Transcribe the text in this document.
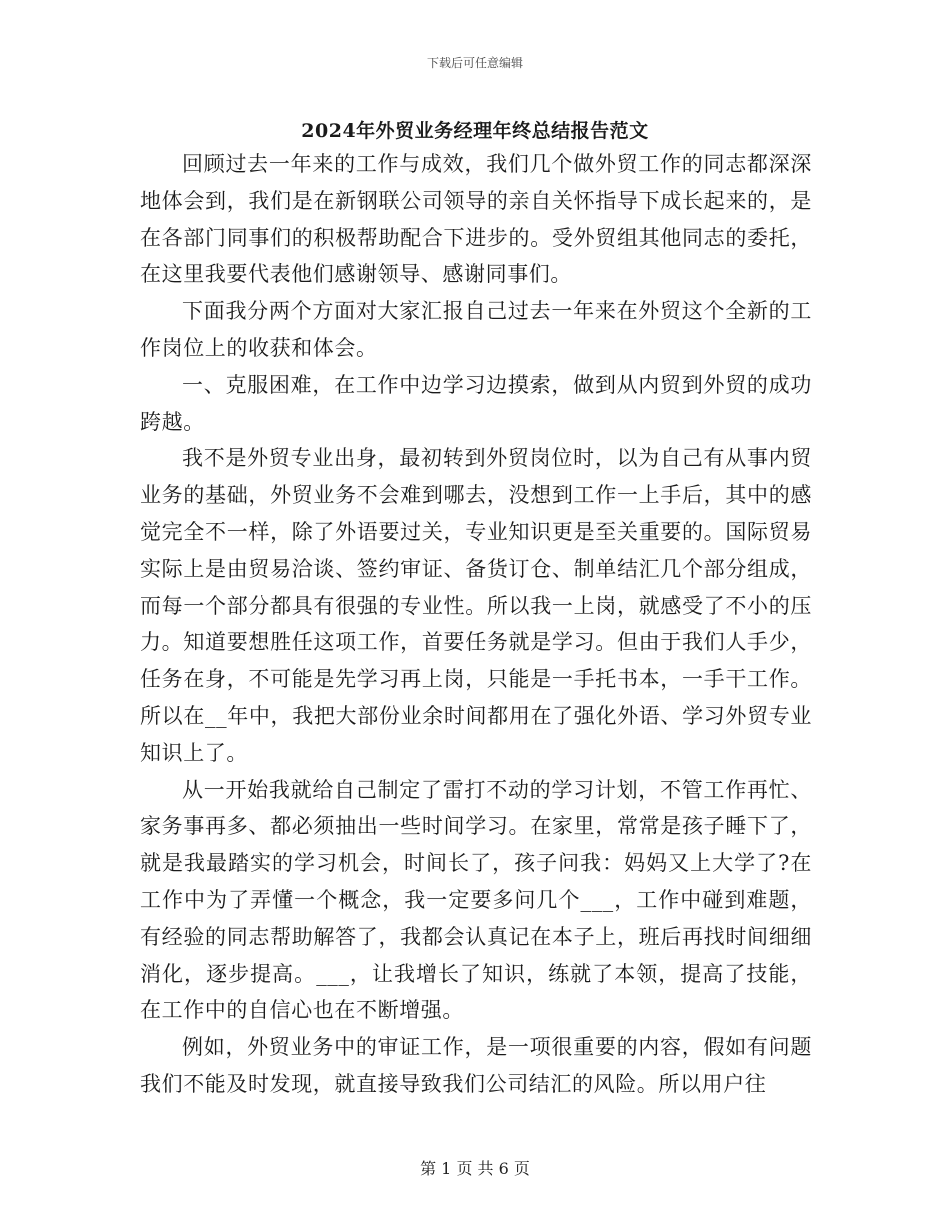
下载后可任意编辑
2024年外贸业务经理年终总结报告范文

回顾过去一年来的工作与成效，我们几个做外贸工作的同志都深深地体会到，我们是在新钢联公司领导的亲自关怀指导下成长起来的，是在各部门同事们的积极帮助配合下进步的。受外贸组其他同志的委托，在这里我要代表他们感谢领导、感谢同事们。

下面我分两个方面对大家汇报自己过去一年来在外贸这个全新的工作岗位上的收获和体会。

一、克服困难，在工作中边学习边摸索，做到从内贸到外贸的成功跨越。

我不是外贸专业出身，最初转到外贸岗位时，以为自己有从事内贸业务的基础，外贸业务不会难到哪去，没想到工作一上手后，其中的感觉完全不一样，除了外语要过关，专业知识更是至关重要的。国际贸易实际上是由贸易洽谈、签约审证、备货订仓、制单结汇几个部分组成，而每一个部分都具有很强的专业性。所以我一上岗，就感受了不小的压力。知道要想胜任这项工作，首要任务就是学习。但由于我们人手少，任务在身，不可能是先学习再上岗，只能是一手托书本，一手干工作。所以在__年中，我把大部份业余时间都用在了强化外语、学习外贸专业知识上了。

从一开始我就给自己制定了雷打不动的学习计划，不管工作再忙、家务事再多、都必须抽出一些时间学习。在家里，常常是孩子睡下了，就是我最踏实的学习机会，时间长了，孩子问我：妈妈又上大学了?在工作中为了弄懂一个概念，我一定要多问几个___，工作中碰到难题，有经验的同志帮助解答了，我都会认真记在本子上，班后再找时间细细消化，逐步提高。___，让我增长了知识，练就了本领，提高了技能，在工作中的自信心也在不断增强。

例如，外贸业务中的审证工作，是一项很重要的内容，假如有问题我们不能及时发现，就直接导致我们公司结汇的风险。所以用户往

第 1 页 共 6 页
